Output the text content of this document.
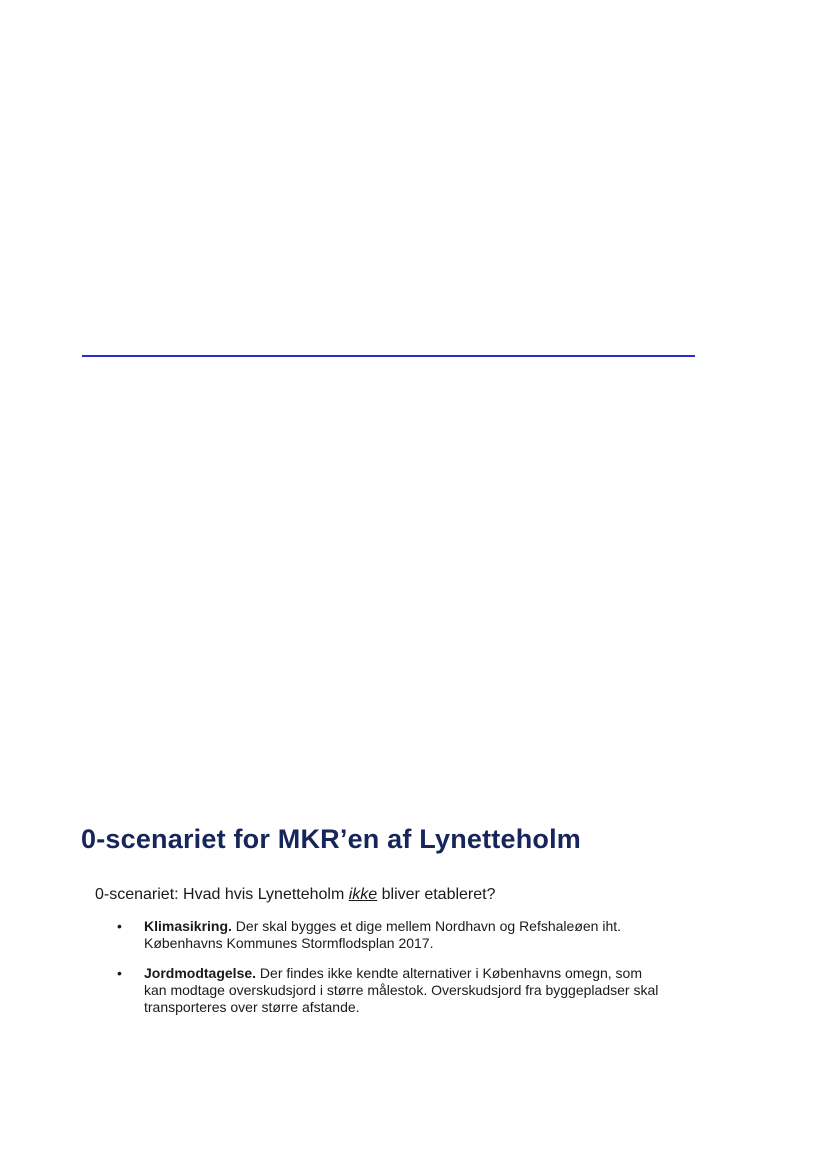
0-scenariet for MKR’en af Lynetteholm
0-scenariet: Hvad hvis Lynetteholm ikke bliver etableret?
• Klimasikring. Der skal bygges et dige mellem Nordhavn og Refshaleøen iht.
Københavns Kommunes Stormflodsplan 2017.
• Jordmodtagelse. Der findes ikke kendte alternativer i Københavns omegn, som
kan modtage overskudsjord i større målestok. Overskudsjord fra byggepladser skal
transporteres over større afstande.
